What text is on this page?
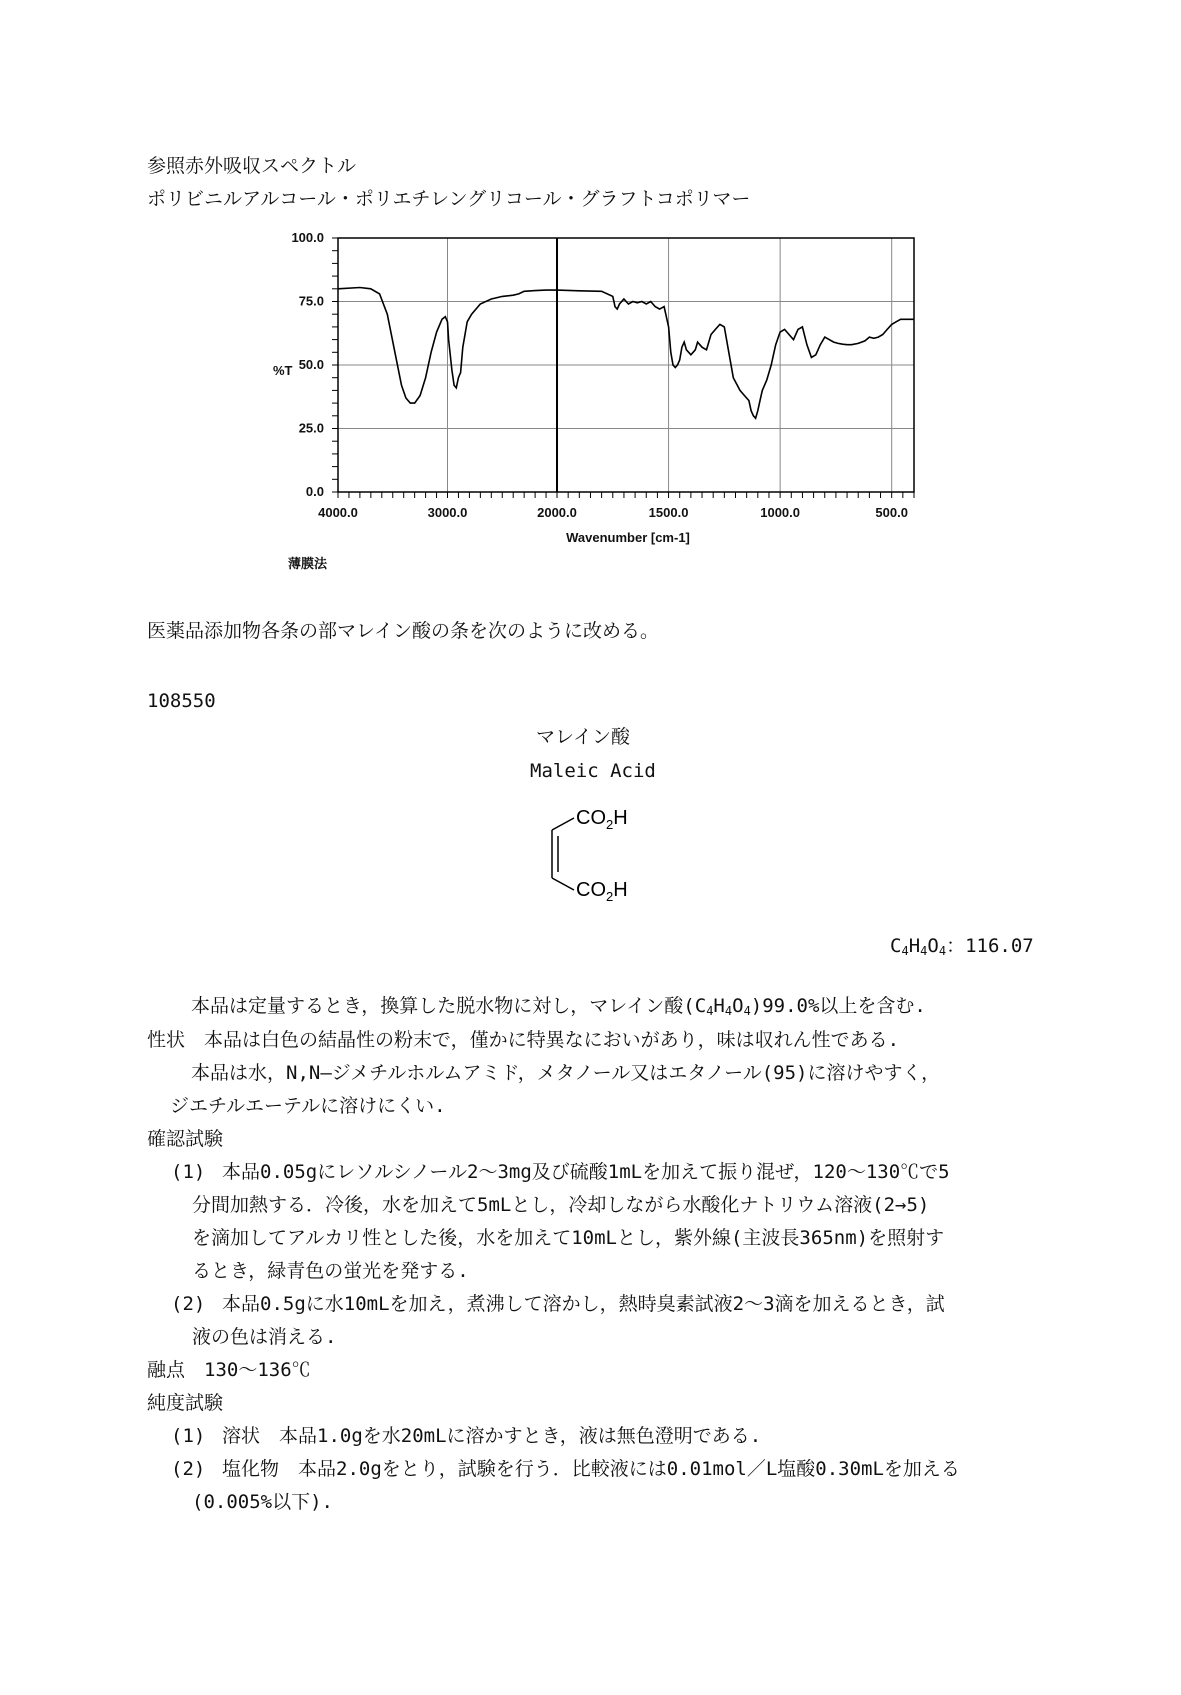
参照赤外吸収スペクトル
ポリビニルアルコール・ポリエチレングリコール・グラフトコポリマー
100.0
75.0
50.0
25.0
0.0
4000.0	3000.0	2000.0	1500.0	1000.0	500.0
%T
Wavenumber [cm-1]
薄膜法
医薬品添加物各条の部マレイン酸の条を次のように改める。
108550
マレイン酸
Maleic Acid
$CO_2H$
$CO_2H$
$C_4H_4O_4$：116.07
本品は定量するとき，換算した脱水物に対し，マレイン酸$(C_4H_4O_4)99.0\%$以上を含む.
性状　本品は白色の結晶性の粉末で，僅かに特異なにおいがあり，味は収れん性である.
本品は水，N,N—ジメチルホルムアミド，メタノール又はエタノール(95)に溶けやすく，
ジエチルエーテルに溶けにくい.
確認試験
(1) 本品0.05gにレソルシノール2～3mg及び硫酸1mLを加えて振り混ぜ，120～130℃で5
分間加熱する．冷後，水を加えて5mLとし，冷却しながら水酸化ナトリウム溶液(2→5)
を滴加してアルカリ性とした後，水を加えて10mLとし，紫外線(主波長365nm)を照射す
るとき，緑青色の蛍光を発する.
(2) 本品0.5gに水10mLを加え，煮沸して溶かし，熱時臭素試液2～3滴を加えるとき，試
液の色は消える.
融点　130～136℃
純度試験
(1) 溶状　本品1.0gを水20mLに溶かすとき，液は無色澄明である.
(2) 塩化物　本品2.0gをとり，試験を行う．比較液には0.01mol／L塩酸0.30mLを加える
(0.005%以下).
